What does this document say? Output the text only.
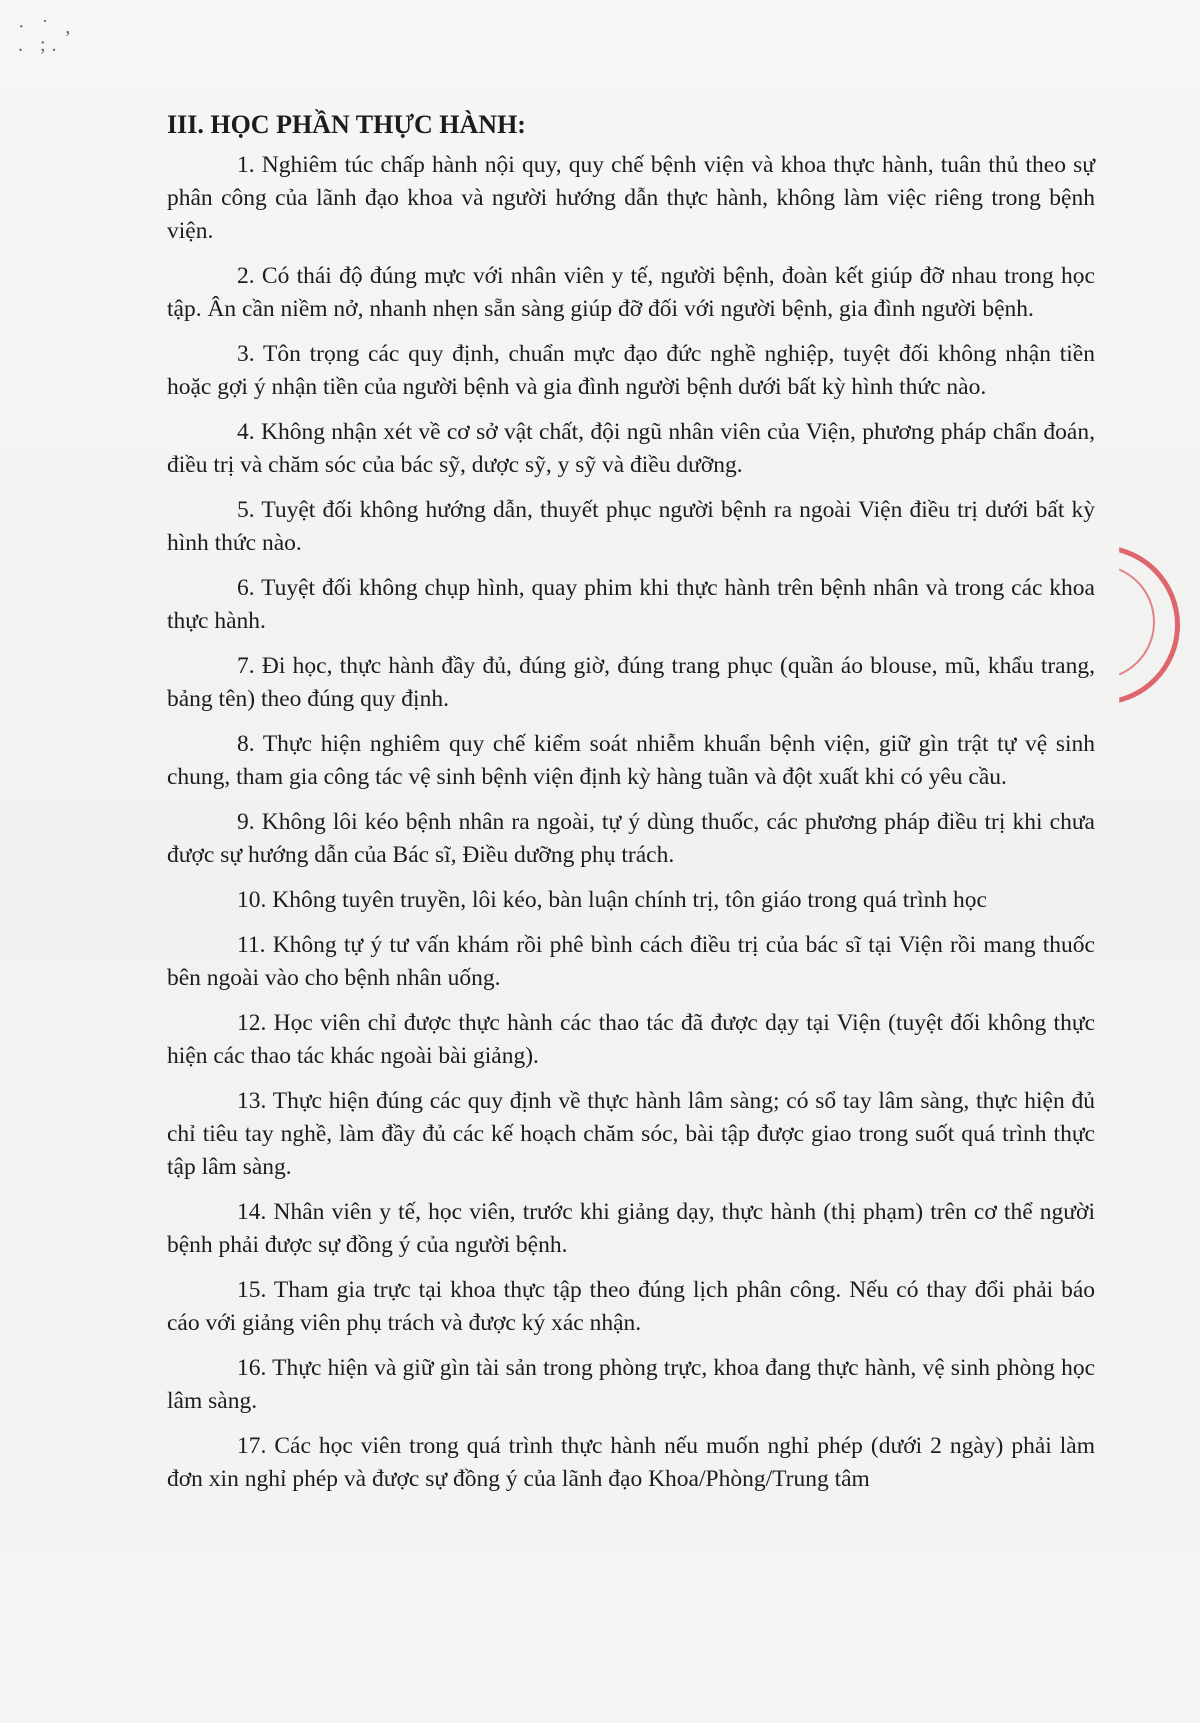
· ˙ ,
. ;.
III. HỌC PHẦN THỰC HÀNH:

1. Nghiêm túc chấp hành nội quy, quy chế bệnh viện và khoa thực hành, tuân thủ theo sự phân công của lãnh đạo khoa và người hướng dẫn thực hành, không làm việc riêng trong bệnh viện.

2. Có thái độ đúng mực với nhân viên y tế, người bệnh, đoàn kết giúp đỡ nhau trong học tập. Ân cần niềm nở, nhanh nhẹn sẵn sàng giúp đỡ đối với người bệnh, gia đình người bệnh.

3. Tôn trọng các quy định, chuẩn mực đạo đức nghề nghiệp, tuyệt đối không nhận tiền hoặc gợi ý nhận tiền của người bệnh và gia đình người bệnh dưới bất kỳ hình thức nào.

4. Không nhận xét về cơ sở vật chất, đội ngũ nhân viên của Viện, phương pháp chẩn đoán, điều trị và chăm sóc của bác sỹ, dược sỹ, y sỹ và điều dưỡng.

5. Tuyệt đối không hướng dẫn, thuyết phục người bệnh ra ngoài Viện điều trị dưới bất kỳ hình thức nào.

6. Tuyệt đối không chụp hình, quay phim khi thực hành trên bệnh nhân và trong các khoa thực hành.

7. Đi học, thực hành đầy đủ, đúng giờ, đúng trang phục (quần áo blouse, mũ, khẩu trang, bảng tên) theo đúng quy định.

8. Thực hiện nghiêm quy chế kiểm soát nhiễm khuẩn bệnh viện, giữ gìn trật tự vệ sinh chung, tham gia công tác vệ sinh bệnh viện định kỳ hàng tuần và đột xuất khi có yêu cầu.

9. Không lôi kéo bệnh nhân ra ngoài, tự ý dùng thuốc, các phương pháp điều trị khi chưa được sự hướng dẫn của Bác sĩ, Điều dưỡng phụ trách.

10. Không tuyên truyền, lôi kéo, bàn luận chính trị, tôn giáo trong quá trình học

11. Không tự ý tư vấn khám rồi phê bình cách điều trị của bác sĩ tại Viện rồi mang thuốc bên ngoài vào cho bệnh nhân uống.

12. Học viên chỉ được thực hành các thao tác đã được dạy tại Viện (tuyệt đối không thực hiện các thao tác khác ngoài bài giảng).

13. Thực hiện đúng các quy định về thực hành lâm sàng; có sổ tay lâm sàng, thực hiện đủ chỉ tiêu tay nghề, làm đầy đủ các kế hoạch chăm sóc, bài tập được giao trong suốt quá trình thực tập lâm sàng.

14. Nhân viên y tế, học viên, trước khi giảng dạy, thực hành (thị phạm) trên cơ thể người bệnh phải được sự đồng ý của người bệnh.

15. Tham gia trực tại khoa thực tập theo đúng lịch phân công. Nếu có thay đổi phải báo cáo với giảng viên phụ trách và được ký xác nhận.

16. Thực hiện và giữ gìn tài sản trong phòng trực, khoa đang thực hành, vệ sinh phòng học lâm sàng.

17. Các học viên trong quá trình thực hành nếu muốn nghỉ phép (dưới 2 ngày) phải làm đơn xin nghỉ phép và được sự đồng ý của lãnh đạo Khoa/Phòng/Trung tâm
